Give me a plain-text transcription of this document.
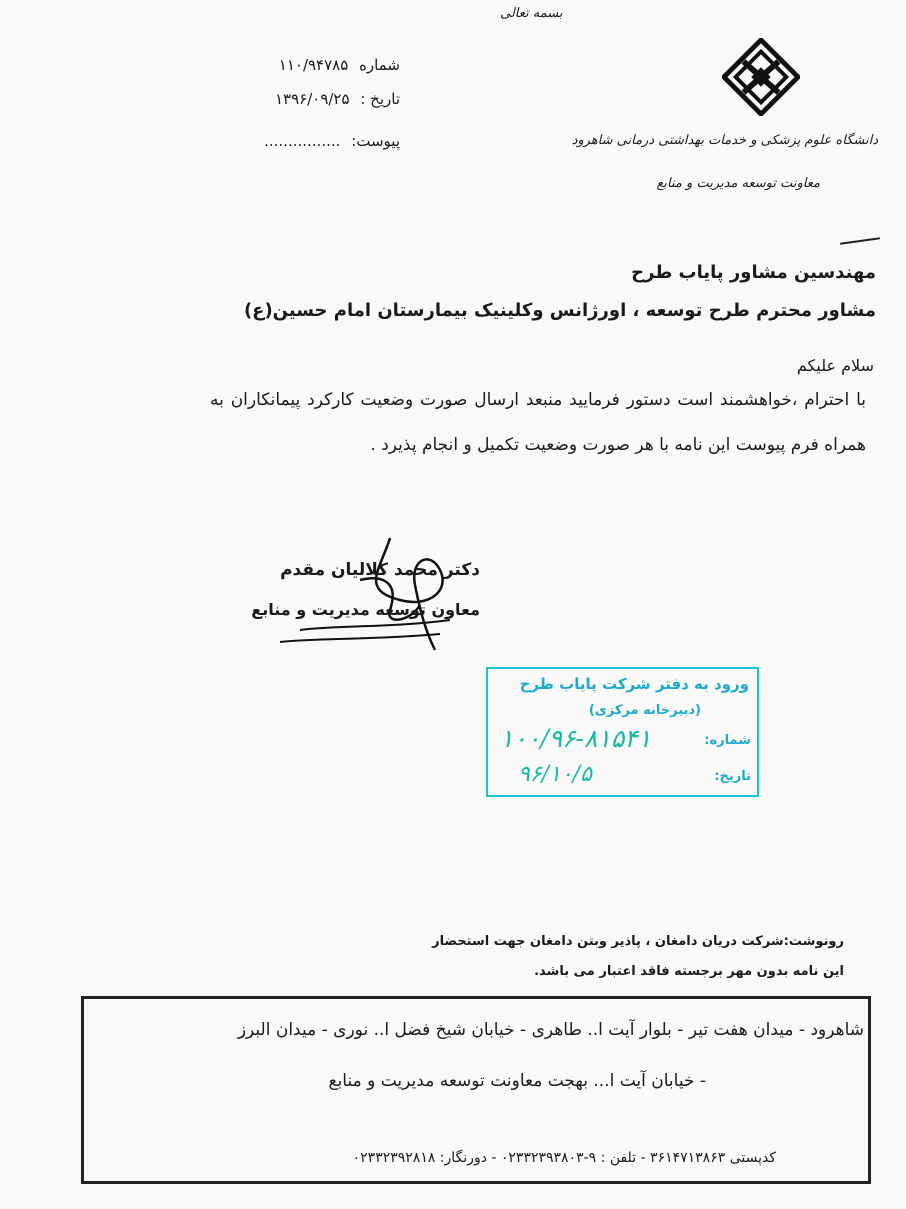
بسمه تعالی
شماره ۱۱۰/۹۴۷۸۵
تاریخ : ۱۳۹۶/۰۹/۲۵
پیوست: ................	دانشگاه علوم پزشکی و خدمات بهداشتی درمانی شاهرود
معاونت توسعه مدیریت و منابع
مهندسین مشاور پایاب طرح
مشاور محترم طرح توسعه ، اورژانس وکلینیک بیمارستان امام حسین(ع)
سلام علیکم
با احترام ،خواهشمند است دستور فرمایید منبعد ارسال صورت وضعیت کارکرد پیمانکاران به همراه فرم پیوست این نامه با هر صورت وضعیت تکمیل و انجام پذیرد .
دکتر محمد کلالیان مقدم
معاون توسعه مدیریت و منابع
ورود به دفتر شرکت پایاب طرح
(دبیرخانه مرکزی)
شماره:
۱۰۰/۹۶-۸۱۵۴۱
تاریخ:
۹۶/۱۰/۵
رونوشت:شرکت دریان دامغان ، پاذیر وبتن دامغان جهت استحضار
این نامه بدون مهر برجسته فاقد اعتبار می باشد.
شاهرود - میدان هفت تیر - بلوار آیت ا.. طاهری - خیابان شیخ فضل ا.. نوری - میدان البرز
- خیابان آیت ا... بهجت معاونت توسعه مدیریت و منابع
کدپستی ۳۶۱۴۷۱۳۸۶۳ - تلفن : ۹-۰۲۳۳۲۳۹۳۸۰۳ - دورنگار: ۰۲۳۳۲۳۹۲۸۱۸
